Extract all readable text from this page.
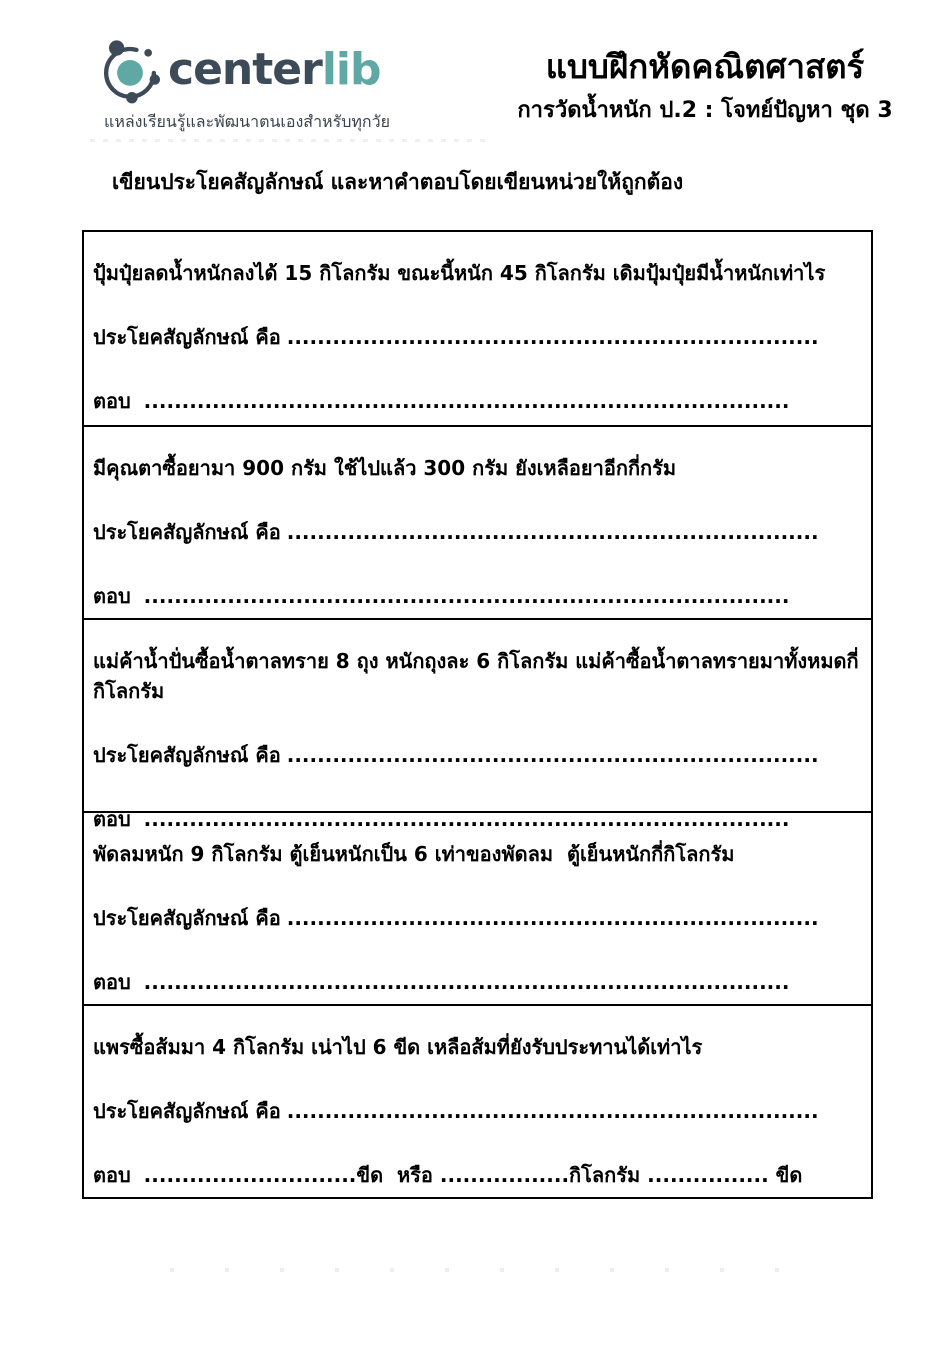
centerlib
แหล่งเรียนรู้และพัฒนาตนเองสำหรับทุกวัย
แบบฝึกหัดคณิตศาสตร์
การวัดน้ำหนัก ป.2 : โจทย์ปัญหา ชุด 3
เขียนประโยคสัญลักษณ์ และหาคำตอบโดยเขียนหน่วยให้ถูกต้อง
ปุ้มปุ๋ยลดน้ำหนักลงได้ 15 กิโลกรัม ขณะนี้หนัก 45 กิโลกรัม เดิมปุ้มปุ๋ยมีน้ำหนักเท่าไร
ประโยคสัญลักษณ์ คือ ......................................................................
ตอบ .....................................................................................
มีคุณตาซื้อยามา 900 กรัม ใช้ไปแล้ว 300 กรัม ยังเหลือยาอีกกี่กรัม
ประโยคสัญลักษณ์ คือ ......................................................................
ตอบ .....................................................................................
แม่ค้าน้ำปั่นซื้อน้ำตาลทราย 8 ถุง หนักถุงละ 6 กิโลกรัม แม่ค้าซื้อน้ำตาลทรายมาทั้งหมดกี่กิโลกรัม
ประโยคสัญลักษณ์ คือ ......................................................................
ตอบ .....................................................................................
พัดลมหนัก 9 กิโลกรัม ตู้เย็นหนักเป็น 6 เท่าของพัดลม  ตู้เย็นหนักกี่กิโลกรัม
ประโยคสัญลักษณ์ คือ ......................................................................
ตอบ .....................................................................................
แพรซื้อส้มมา 4 กิโลกรัม เน่าไป 6 ขีด เหลือส้มที่ยังรับประทานได้เท่าไร
ประโยคสัญลักษณ์ คือ ......................................................................
ตอบ ............................ขีด  หรือ .................กิโลกรัม ................ ขีด
